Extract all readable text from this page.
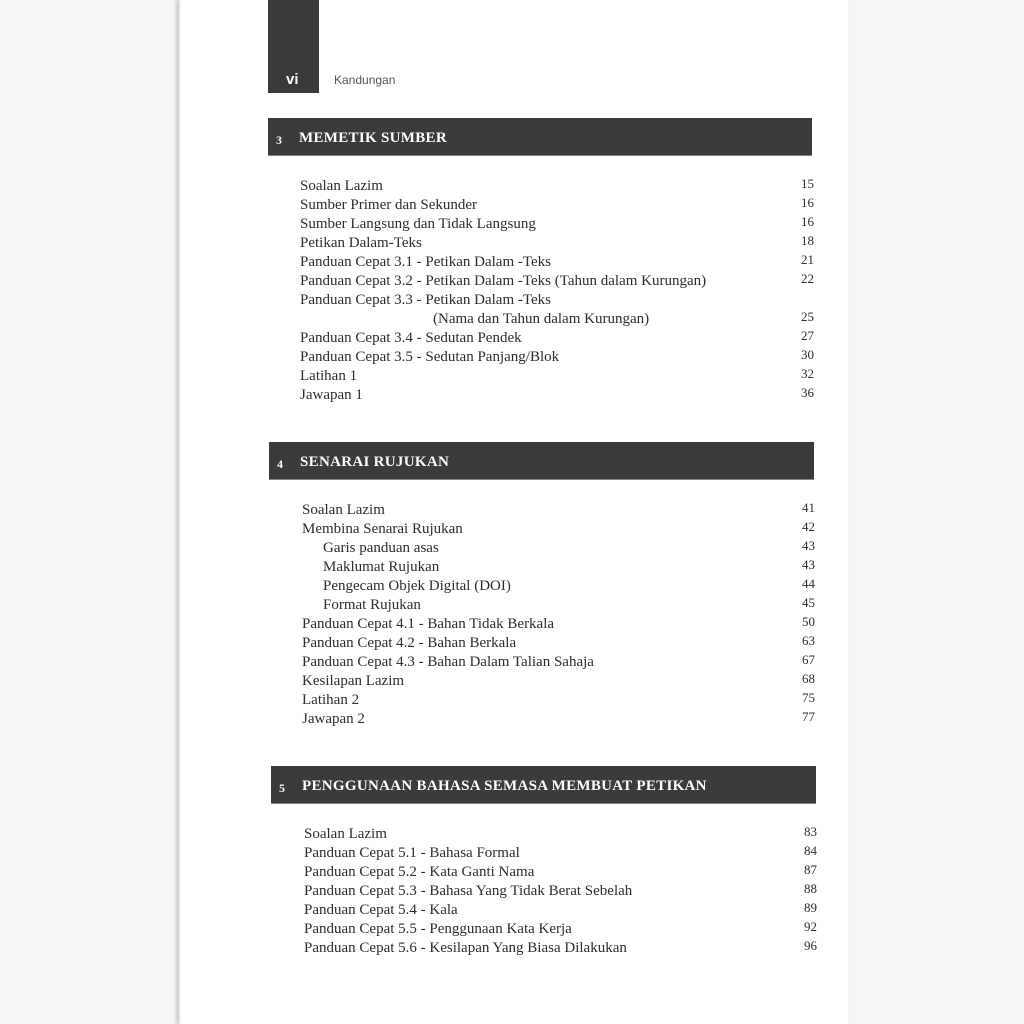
vi	Kandungan
3 MEMETIK SUMBER
Soalan Lazim	15
Sumber Primer dan Sekunder	16
Sumber Langsung dan Tidak Langsung	16
Petikan Dalam-Teks	18
Panduan Cepat 3.1 - Petikan Dalam -Teks	21
Panduan Cepat 3.2 - Petikan Dalam -Teks (Tahun dalam Kurungan)	22
Panduan Cepat 3.3 - Petikan Dalam -Teks
(Nama dan Tahun dalam Kurungan)	25
Panduan Cepat 3.4 - Sedutan Pendek	27
Panduan Cepat 3.5 - Sedutan Panjang/Blok	30
Latihan 1	32
Jawapan 1	36
4 SENARAI RUJUKAN
Soalan Lazim	41
Membina Senarai Rujukan	42
Garis panduan asas	43
Maklumat Rujukan	43
Pengecam Objek Digital (DOI)	44
Format Rujukan	45
Panduan Cepat 4.1 - Bahan Tidak Berkala	50
Panduan Cepat 4.2 - Bahan Berkala	63
Panduan Cepat 4.3 - Bahan Dalam Talian Sahaja	67
Kesilapan Lazim	68
Latihan 2	75
Jawapan 2	77
5 PENGGUNAAN BAHASA SEMASA MEMBUAT PETIKAN
Soalan Lazim	83
Panduan Cepat 5.1 - Bahasa Formal	84
Panduan Cepat 5.2 - Kata Ganti Nama	87
Panduan Cepat 5.3 - Bahasa Yang Tidak Berat Sebelah	88
Panduan Cepat 5.4 - Kala	89
Panduan Cepat 5.5 - Penggunaan Kata Kerja	92
Panduan Cepat 5.6 - Kesilapan Yang Biasa Dilakukan	96
